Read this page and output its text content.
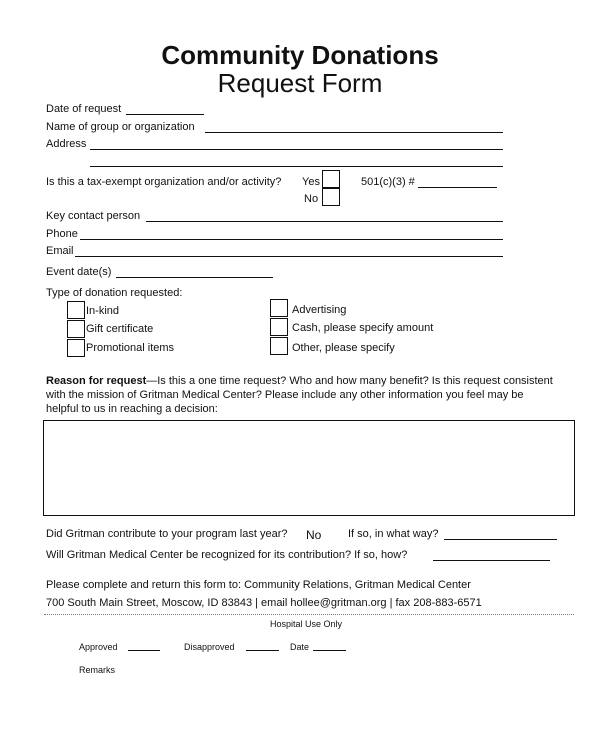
Community Donations
Request Form
Date of request
Name of group or organization
Address
Is this a tax-exempt organization and/or activity? Yes
No
501(c)(3) #
Key contact person
Phone
Email
Event date(s)
Type of donation requested:
In-kind
Gift certificate
Promotional items
Advertising
Cash, please specify amount
Other, please specify
Reason for request—Is this a one time request? Who and how many benefit? Is this request consistent with the mission of Gritman Medical Center? Please include any other information you feel may be helpful to us in reaching a decision:
Did Gritman contribute to your program last year? No If so, in what way?
Will Gritman Medical Center be recognized for its contribution? If so, how?
Please complete and return this form to: Community Relations, Gritman Medical Center
700 South Main Street, Moscow, ID 83843 | email hollee@gritman.org | fax 208-883-6571
Hospital Use Only
Approved	Disapproved	Date
Remarks
